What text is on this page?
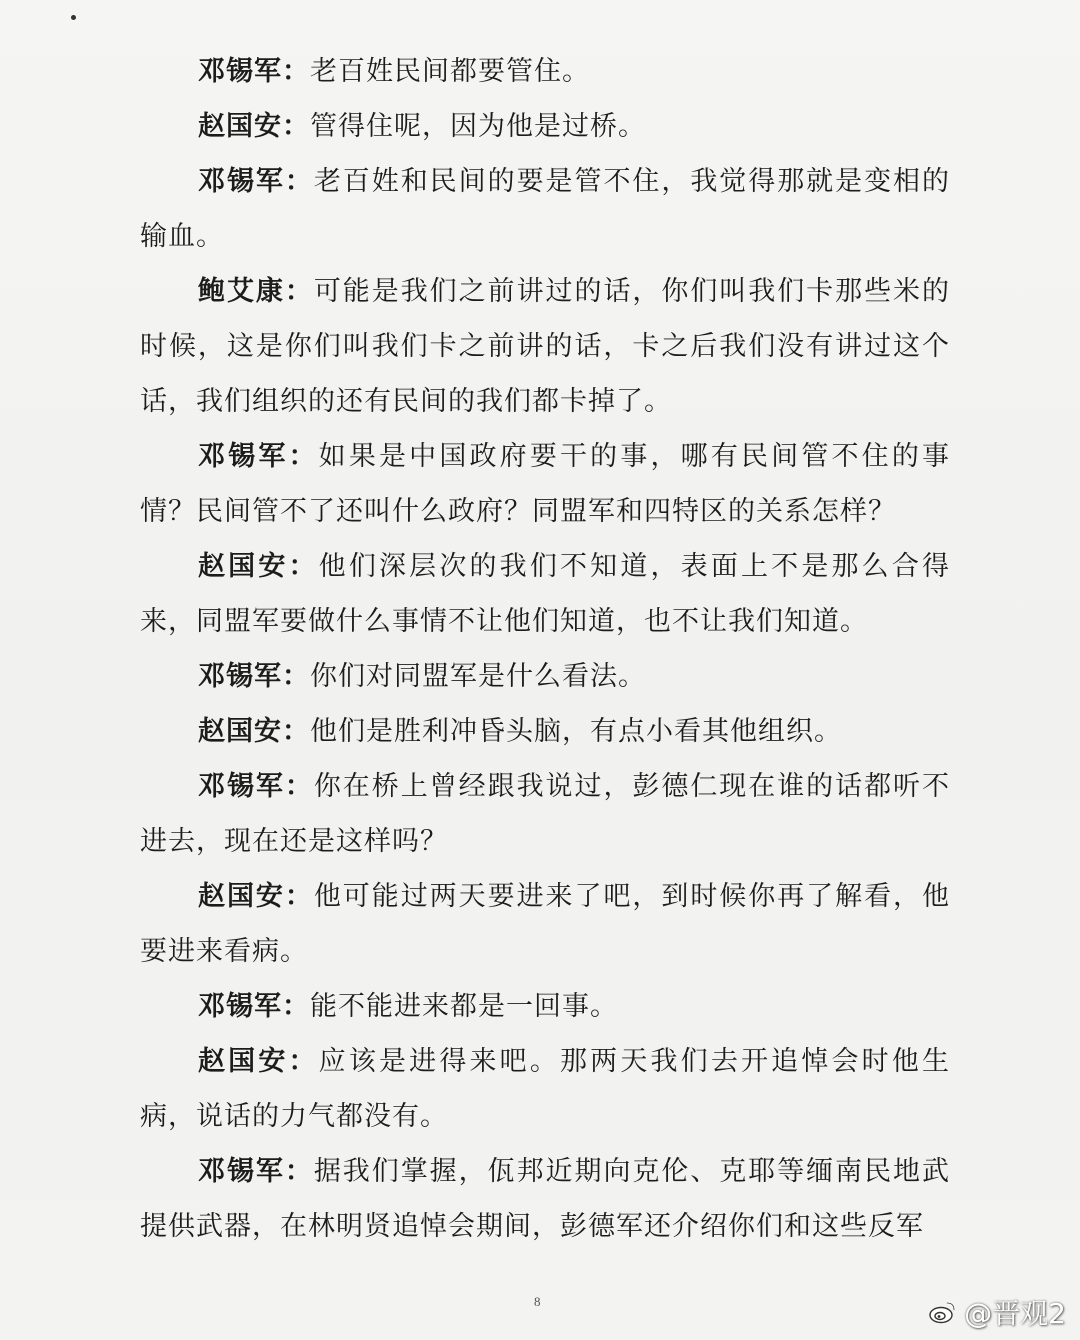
邓锡军：老百姓民间都要管住。

赵国安：管得住呢，因为他是过桥。

邓锡军：老百姓和民间的要是管不住，我觉得那就是变相的输血。

鲍艾康：可能是我们之前讲过的话，你们叫我们卡那些米的时候，这是你们叫我们卡之前讲的话，卡之后我们没有讲过这个话，我们组织的还有民间的我们都卡掉了。

邓锡军：如果是中国政府要干的事，哪有民间管不住的事情？民间管不了还叫什么政府？同盟军和四特区的关系怎样？

赵国安：他们深层次的我们不知道，表面上不是那么合得来，同盟军要做什么事情不让他们知道，也不让我们知道。

邓锡军：你们对同盟军是什么看法。

赵国安：他们是胜利冲昏头脑，有点小看其他组织。

邓锡军：你在桥上曾经跟我说过，彭德仁现在谁的话都听不进去，现在还是这样吗？

赵国安：他可能过两天要进来了吧，到时候你再了解看，他要进来看病。

邓锡军：能不能进来都是一回事。

赵国安：应该是进得来吧。那两天我们去开追悼会时他生病，说话的力气都没有。

邓锡军：据我们掌握，佤邦近期向克伦、克耶等缅南民地武提供武器，在林明贤追悼会期间，彭德军还介绍你们和这些反军

8	@晋观2
